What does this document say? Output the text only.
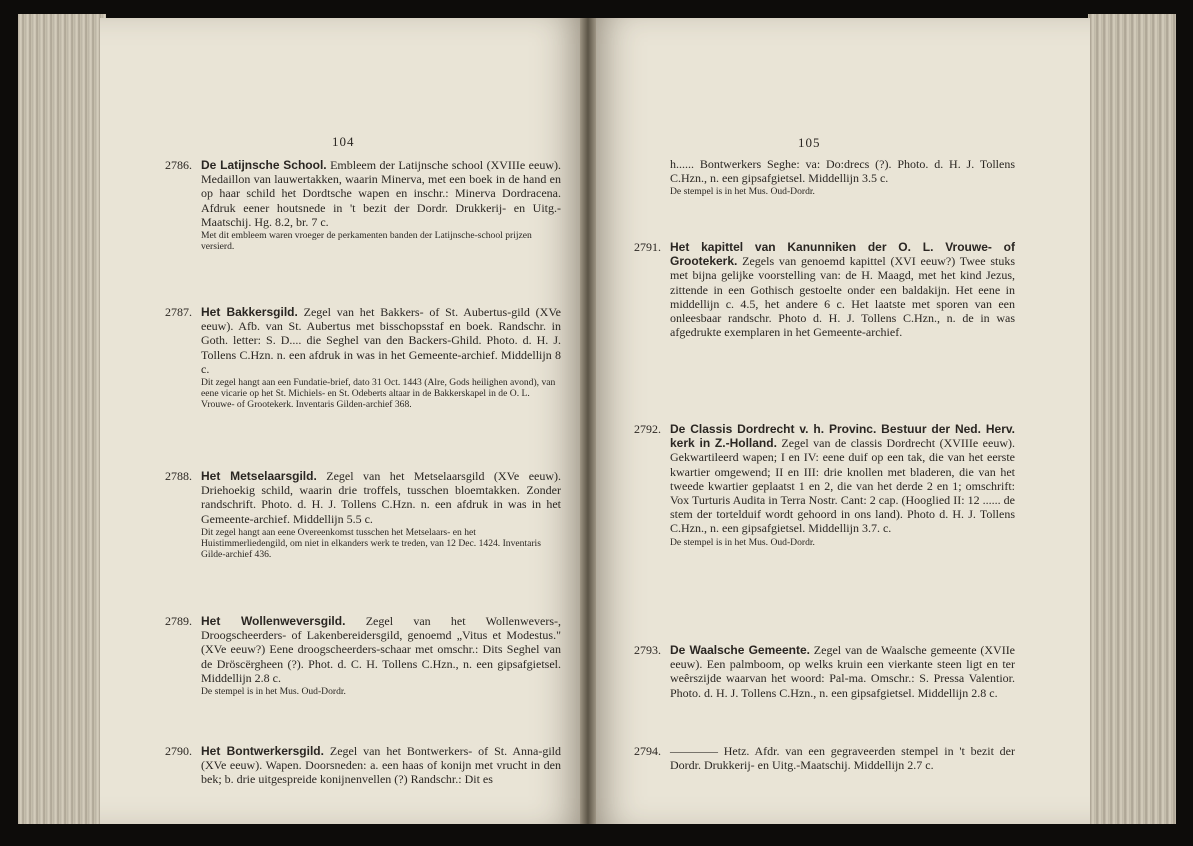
104
2786. De Latijnsche School. Embleem der Latijnsche school (XVIIIe eeuw). Medaillon van lauwertakken, waarin Minerva, met een boek in de hand en op haar schild het Dordtsche wapen en inschr.: Minerva Dordracena. Afdruk eener houtsnede in 't bezit der Dordr. Drukkerij- en Uitg.-Maatschij. Hg. 8.2, br. 7 c.

Met dit embleem waren vroeger de perkamenten banden der Latijnsche-school prijzen versierd.
2787. Het Bakkersgild. Zegel van het Bakkers- of St. Aubertus-gild (XVe eeuw). Afb. van St. Aubertus met bisschopsstaf en boek. Randschr. in Goth. letter: S. D.... die Seghel van den Backers-Ghild. Photo. d. H. J. Tollens C.Hzn. n. een afdruk in was in het Gemeente-archief. Middellijn 8 c.

Dit zegel hangt aan een Fundatie-brief, dato 31 Oct. 1443 (Alre, Gods heilighen avond), van eene vicarie op het St. Michiels- en St. Odeberts altaar in de Bakkerskapel in de O. L. Vrouwe- of Grootekerk. Inventaris Gilden-archief 368.
2788. Het Metselaarsgild. Zegel van het Metselaarsgild (XVe eeuw). Driehoekig schild, waarin drie troffels, tusschen bloemtakken. Zonder randschrift. Photo. d. H. J. Tollens C.Hzn. n. een afdruk in was in het Gemeente-archief. Middellijn 5.5 c.

Dit zegel hangt aan eene Overeenkomst tusschen het Metselaars- en het Huistimmerliedengild, om niet in elkanders werk te treden, van 12 Dec. 1424. Inventaris Gilde-archief 436.
2789. Het Wollenweversgild. Zegel van het Wollenwevers-, Droogscheerders- of Lakenbereidersgild, genoemd „Vitus et Modestus." (XVe eeuw?) Eene droogscheerders-schaar met omschr.: Dits Seghel van de Dröscërgheen (?). Phot. d. C. H. Tollens C.Hzn., n. een gipsafgietsel. Middellijn 2.8 c.

De stempel is in het Mus. Oud-Dordr.
2790. Het Bontwerkersgild. Zegel van het Bontwerkers- of St. Anna-gild (XVe eeuw). Wapen. Doorsneden: a. een haas of konijn met vrucht in den bek; b. drie uitgespreide konijnenvellen (?) Randschr.: Dit es

105

h...... Bontwerkers Seghe: va: Do:drecs (?). Photo. d. H. J. Tollens C.Hzn., n. een gipsafgietsel. Middellijn 3.5 c.

De stempel is in het Mus. Oud-Dordr.
2791. Het kapittel van Kanunniken der O. L. Vrouwe- of Grootekerk. Zegels van genoemd kapittel (XVI eeuw?) Twee stuks met bijna gelijke voorstelling van: de H. Maagd, met het kind Jezus, zittende in een Gothisch gestoelte onder een baldakijn. Het eene in middellijn c. 4.5, het andere 6 c. Het laatste met sporen van een onleesbaar randschr. Photo d. H. J. Tollens C.Hzn., n. de in was afgedrukte exemplaren in het Gemeente-archief.

2792. De Classis Dordrecht v. h. Provinc. Bestuur der Ned. Herv. kerk in Z.-Holland. Zegel van de classis Dordrecht (XVIIIe eeuw). Gekwartileerd wapen; I en IV: eene duif op een tak, die van het eerste kwartier omgewend; II en III: drie knollen met bladeren, die van het tweede kwartier geplaatst 1 en 2, die van het derde 2 en 1; omschrift: Vox Turturis Audita in Terra Nostr. Cant: 2 cap. (Hooglied II: 12 ...... de stem der tortelduif wordt gehoord in ons land). Photo d. H. J. Tollens C.Hzn., n. een gipsafgietsel. Middellijn 3.7. c.

De stempel is in het Mus. Oud-Dordr.
2793. De Waalsche Gemeente. Zegel van de Waalsche gemeente (XVIIe eeuw). Een palmboom, op welks kruin een vierkante steen ligt en ter weêrszijde waarvan het woord: Pal-ma. Omschr.: S. Pressa Valentior. Photo. d. H. J. Tollens C.Hzn., n. een gipsafgietsel. Middellijn 2.8 c.

2794. ———— Hetz. Afdr. van een gegraveerden stempel in 't bezit der Dordr. Drukkerij- en Uitg.-Maatschij. Middellijn 2.7 c.
